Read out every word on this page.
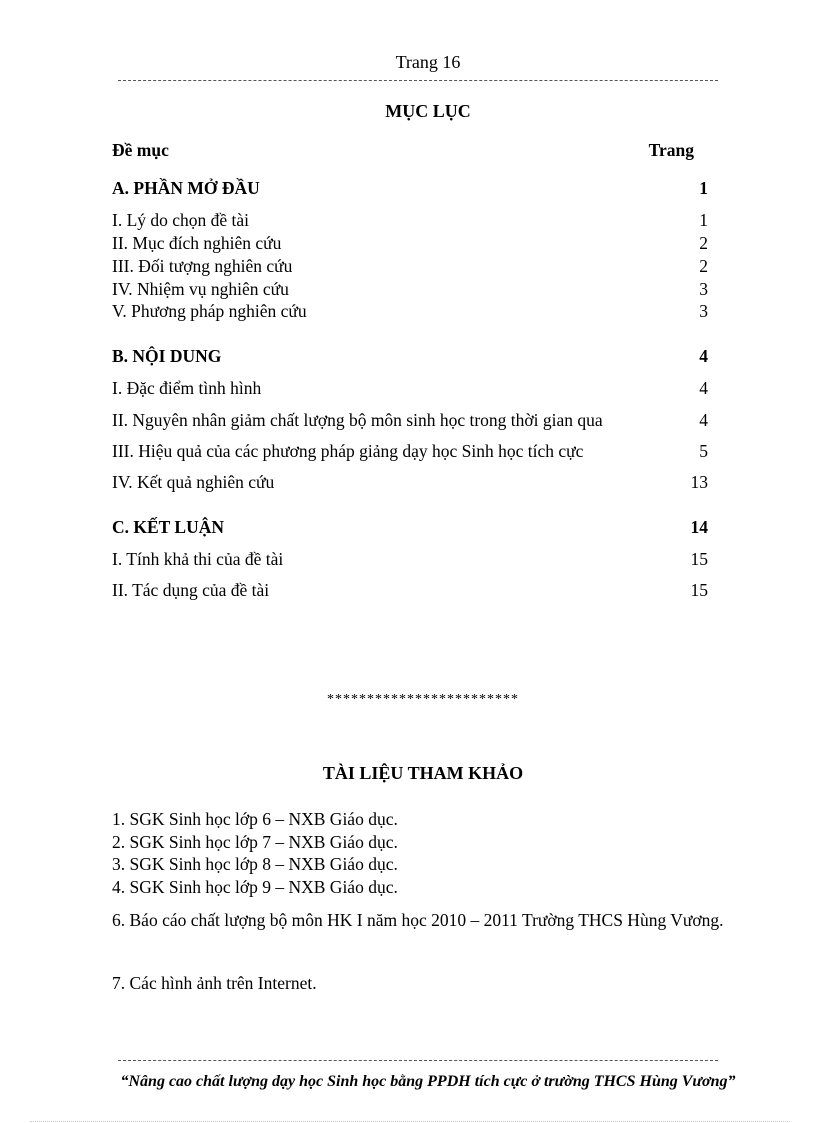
Trang 16
MỤC LỤC
Đề mục	Trang
A. PHẦN MỞ ĐẦU	1
I. Lý do chọn đề tài	1
II. Mục đích nghiên cứu	2
III. Đối tượng nghiên cứu	2
IV. Nhiệm vụ nghiên cứu	3
V. Phương pháp nghiên cứu	3
B. NỘI DUNG	4
I. Đặc điểm tình hình	4
II. Nguyên nhân giảm chất lượng bộ môn sinh học trong thời gian qua	4
III. Hiệu quả của các phương pháp giảng dạy học Sinh học tích cực	5
IV. Kết quả nghiên cứu	13
C. KẾT LUẬN	14
I. Tính khả thi của đề tài	15
II. Tác dụng của đề tài	15
************************
TÀI LIỆU THAM KHẢO
1. SGK Sinh học lớp 6 – NXB Giáo dục.
2. SGK Sinh học lớp 7 – NXB Giáo dục.
3. SGK Sinh học lớp 8 – NXB Giáo dục.
4. SGK Sinh học lớp 9 – NXB Giáo dục.
6. Báo cáo chất lượng bộ môn HK I năm học 2010 – 2011 Trường THCS Hùng Vương.
7. Các hình ảnh trên Internet.
“Nâng cao chất lượng dạy học Sinh học bằng PPDH tích cực ở trường THCS Hùng Vương”
